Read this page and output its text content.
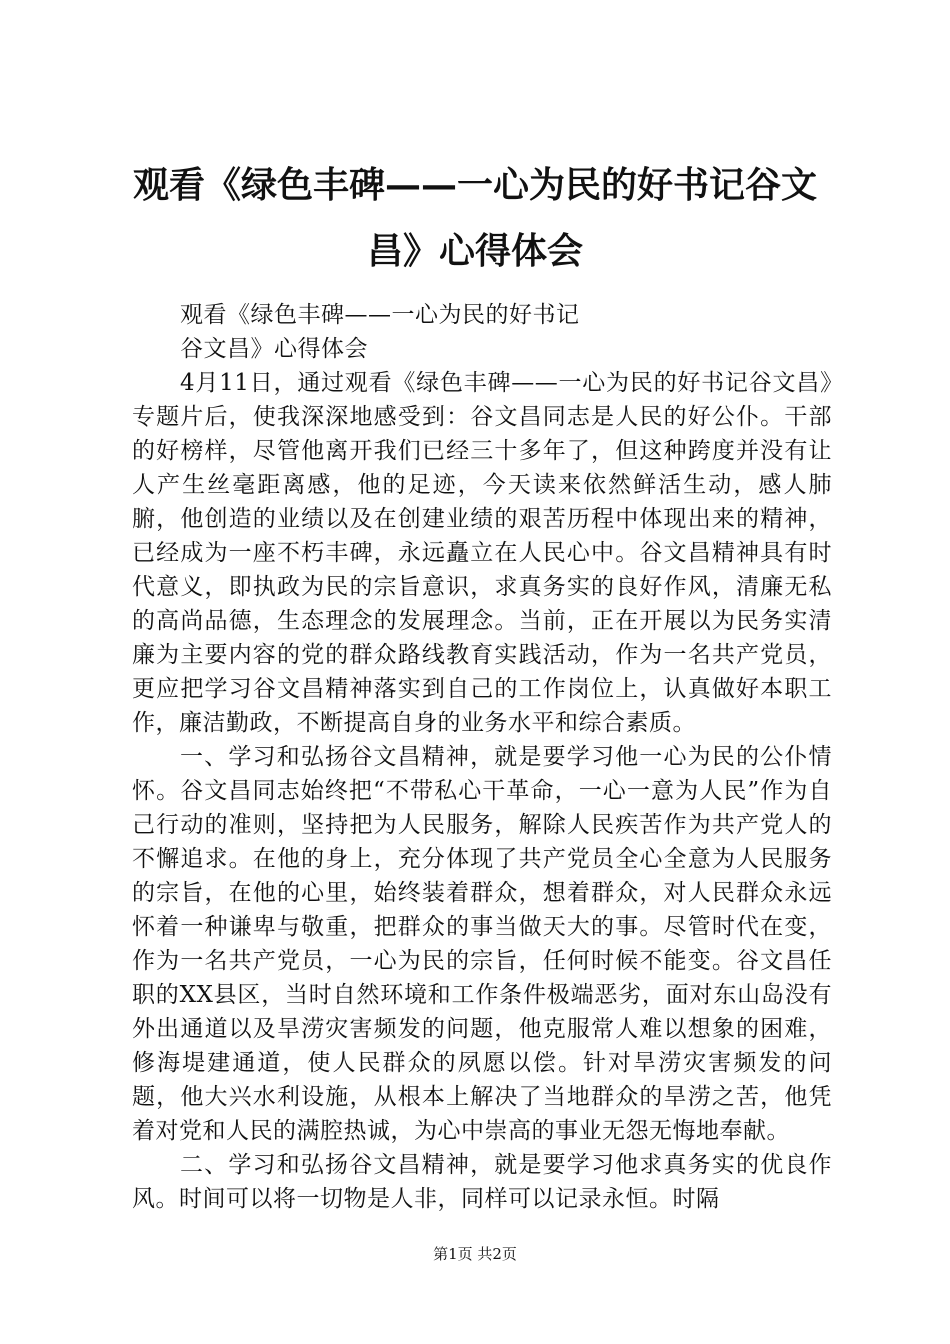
观看《绿色丰碑——一心为民的好书记谷文昌》心得体会

观看《绿色丰碑——一心为民的好书记

谷文昌》心得体会

4月11日，通过观看《绿色丰碑——一心为民的好书记谷文昌》专题片后，使我深深地感受到：谷文昌同志是人民的好公仆。干部的好榜样，尽管他离开我们已经三十多年了，但这种跨度并没有让人产生丝毫距离感，他的足迹，今天读来依然鲜活生动，感人肺腑，他创造的业绩以及在创建业绩的艰苦历程中体现出来的精神，已经成为一座不朽丰碑，永远矗立在人民心中。谷文昌精神具有时代意义，即执政为民的宗旨意识，求真务实的良好作风，清廉无私的高尚品德，生态理念的发展理念。当前，正在开展以为民务实清廉为主要内容的党的群众路线教育实践活动，作为一名共产党员，更应把学习谷文昌精神落实到自己的工作岗位上，认真做好本职工作，廉洁勤政，不断提高自身的业务水平和综合素质。

一、学习和弘扬谷文昌精神，就是要学习他一心为民的公仆情怀。谷文昌同志始终把“不带私心干革命，一心一意为人民”作为自己行动的准则，坚持把为人民服务，解除人民疾苦作为共产党人的不懈追求。在他的身上，充分体现了共产党员全心全意为人民服务的宗旨，在他的心里，始终装着群众，想着群众，对人民群众永远怀着一种谦卑与敬重，把群众的事当做天大的事。尽管时代在变，作为一名共产党员，一心为民的宗旨，任何时候不能变。谷文昌任职的XX县区，当时自然环境和工作条件极端恶劣，面对东山岛没有外出通道以及旱涝灾害频发的问题，他克服常人难以想象的困难，修海堤建通道，使人民群众的夙愿以偿。针对旱涝灾害频发的问题，他大兴水利设施，从根本上解决了当地群众的旱涝之苦，他凭着对党和人民的满腔热诚，为心中崇高的事业无怨无悔地奉献。

二、学习和弘扬谷文昌精神，就是要学习他求真务实的优良作风。时间可以将一切物是人非，同样可以记录永恒。时隔

第1页 共2页
